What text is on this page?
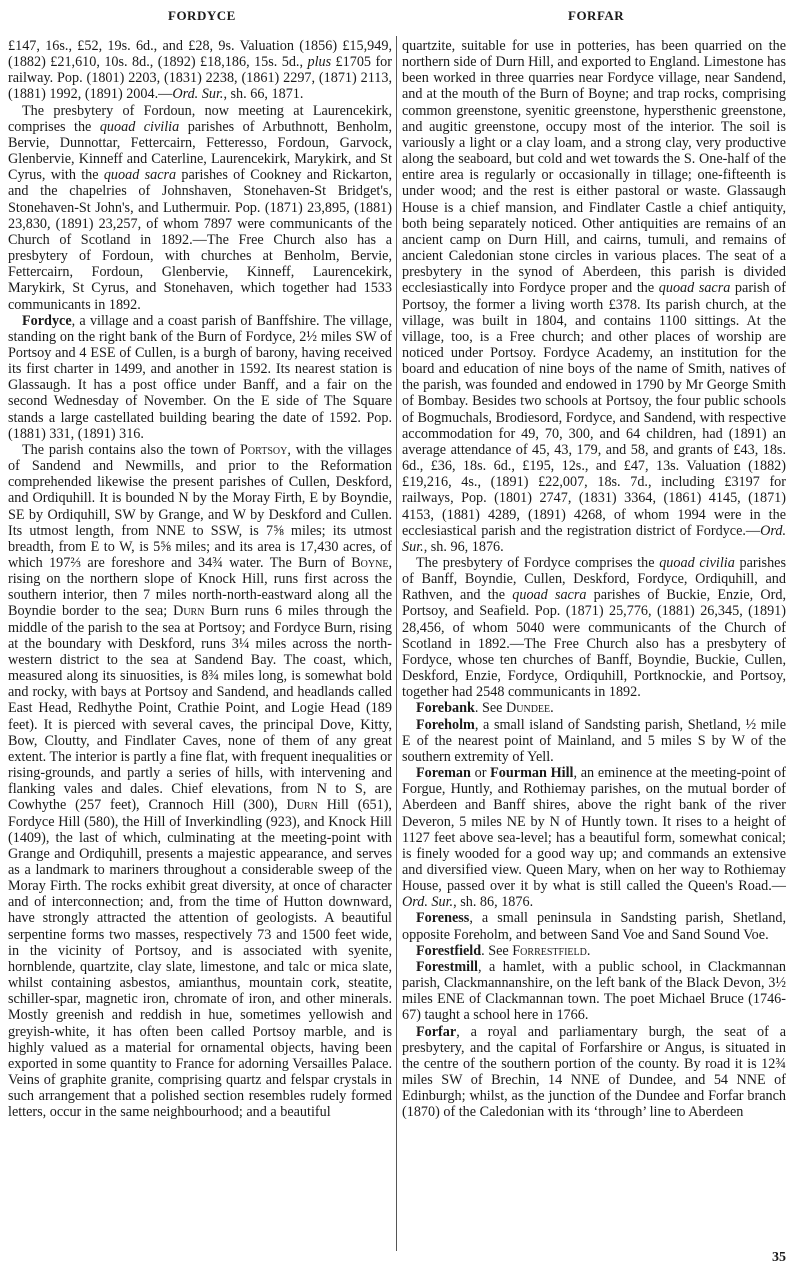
FORDYCE	FORFAR

£147, 16s., £52, 19s. 6d., and £28, 9s. Valuation (1856) £15,949, (1882) £21,610, 10s. 8d., (1892) £18,186, 15s. 5d., plus £1705 for railway. Pop. (1801) 2203, (1831) 2238, (1861) 2297, (1871) 2113, (1881) 1992, (1891) 2004.—Ord. Sur., sh. 66, 1871.

The presbytery of Fordoun, now meeting at Laurencekirk, comprises the quoad civilia parishes of Arbuthnott, Benholm, Bervie, Dunnottar, Fettercairn, Fetteresso, Fordoun, Garvock, Glenbervie, Kinneff and Caterline, Laurencekirk, Marykirk, and St Cyrus, with the quoad sacra parishes of Cookney and Rickarton, and the chapelries of Johnshaven, Stonehaven-St Bridget's, Stonehaven-St John's, and Luthermuir. Pop. (1871) 23,895, (1881) 23,830, (1891) 23,257, of whom 7897 were communicants of the Church of Scotland in 1892.—The Free Church also has a presbytery of Fordoun, with churches at Benholm, Bervie, Fettercairn, Fordoun, Glenbervie, Kinneff, Laurencekirk, Marykirk, St Cyrus, and Stonehaven, which together had 1533 communicants in 1892.

Fordyce, a village and a coast parish of Banffshire. The village, standing on the right bank of the Burn of Fordyce, 2½ miles SW of Portsoy and 4 ESE of Cullen, is a burgh of barony, having received its first charter in 1499, and another in 1592. Its nearest station is Glassaugh. It has a post office under Banff, and a fair on the second Wednesday of November. On the E side of The Square stands a large castellated building bearing the date of 1592. Pop. (1881) 331, (1891) 316.

The parish contains also the town of Portsoy, with the villages of Sandend and Newmills, and prior to the Reformation comprehended likewise the present parishes of Cullen, Deskford, and Ordiquhill. It is bounded N by the Moray Firth, E by Boyndie, SE by Ordiquhill, SW by Grange, and W by Deskford and Cullen. Its utmost length, from NNE to SSW, is 7⅝ miles; its utmost breadth, from E to W, is 5⅝ miles; and its area is 17,430 acres, of which 197⅔ are foreshore and 34¾ water. The Burn of Boyne, rising on the northern slope of Knock Hill, runs first across the southern interior, then 7 miles north-north-eastward along all the Boyndie border to the sea; Durn Burn runs 6 miles through the middle of the parish to the sea at Portsoy; and Fordyce Burn, rising at the boundary with Deskford, runs 3¼ miles across the north-western district to the sea at Sandend Bay. The coast, which, measured along its sinuosities, is 8¾ miles long, is somewhat bold and rocky, with bays at Portsoy and Sandend, and headlands called East Head, Redhythe Point, Crathie Point, and Logie Head (189 feet). It is pierced with several caves, the principal Dove, Kitty, Bow, Cloutty, and Findlater Caves, none of them of any great extent. The interior is partly a fine flat, with frequent inequalities or rising-grounds, and partly a series of hills, with intervening and flanking vales and dales. Chief elevations, from N to S, are Cowhythe (257 feet), Crannoch Hill (300), Durn Hill (651), Fordyce Hill (580), the Hill of Inverkindling (923), and Knock Hill (1409), the last of which, culminating at the meeting-point with Grange and Ordiquhill, presents a majestic appearance, and serves as a landmark to mariners throughout a considerable sweep of the Moray Firth. The rocks exhibit great diversity, at once of character and of interconnection; and, from the time of Hutton downward, have strongly attracted the attention of geologists. A beautiful serpentine forms two masses, respectively 73 and 1500 feet wide, in the vicinity of Portsoy, and is associated with syenite, hornblende, quartzite, clay slate, limestone, and talc or mica slate, whilst containing asbestos, amianthus, mountain cork, steatite, schiller-spar, magnetic iron, chromate of iron, and other minerals. Mostly greenish and reddish in hue, sometimes yellowish and greyish-white, it has often been called Portsoy marble, and is highly valued as a material for ornamental objects, having been exported in some quantity to France for adorning Versailles Palace. Veins of graphite granite, comprising quartz and felspar crystals in such arrangement that a polished section resembles rudely formed letters, occur in the same neighbourhood; and a beautiful

quartzite, suitable for use in potteries, has been quarried on the northern side of Durn Hill, and exported to England. Limestone has been worked in three quarries near Fordyce village, near Sandend, and at the mouth of the Burn of Boyne; and trap rocks, comprising common greenstone, syenitic greenstone, hypersthenic greenstone, and augitic greenstone, occupy most of the interior. The soil is variously a light or a clay loam, and a strong clay, very productive along the seaboard, but cold and wet towards the S. One-half of the entire area is regularly or occasionally in tillage; one-fifteenth is under wood; and the rest is either pastoral or waste. Glassaugh House is a chief mansion, and Findlater Castle a chief antiquity, both being separately noticed. Other antiquities are remains of an ancient camp on Durn Hill, and cairns, tumuli, and remains of ancient Caledonian stone circles in various places. The seat of a presbytery in the synod of Aberdeen, this parish is divided ecclesiastically into Fordyce proper and the quoad sacra parish of Portsoy, the former a living worth £378. Its parish church, at the village, was built in 1804, and contains 1100 sittings. At the village, too, is a Free church; and other places of worship are noticed under Portsoy. Fordyce Academy, an institution for the board and education of nine boys of the name of Smith, natives of the parish, was founded and endowed in 1790 by Mr George Smith of Bombay. Besides two schools at Portsoy, the four public schools of Bogmuchals, Brodiesord, Fordyce, and Sandend, with respective accommodation for 49, 70, 300, and 64 children, had (1891) an average attendance of 45, 43, 179, and 58, and grants of £43, 18s. 6d., £36, 18s. 6d., £195, 12s., and £47, 13s. Valuation (1882) £19,216, 4s., (1891) £22,007, 18s. 7d., including £3197 for railways, Pop. (1801) 2747, (1831) 3364, (1861) 4145, (1871) 4153, (1881) 4289, (1891) 4268, of whom 1994 were in the ecclesiastical parish and the registration district of Fordyce.—Ord. Sur., sh. 96, 1876.

The presbytery of Fordyce comprises the quoad civilia parishes of Banff, Boyndie, Cullen, Deskford, Fordyce, Ordiquhill, and Rathven, and the quoad sacra parishes of Buckie, Enzie, Ord, Portsoy, and Seafield. Pop. (1871) 25,776, (1881) 26,345, (1891) 28,456, of whom 5040 were communicants of the Church of Scotland in 1892.—The Free Church also has a presbytery of Fordyce, whose ten churches of Banff, Boyndie, Buckie, Cullen, Deskford, Enzie, Fordyce, Ordiquhill, Portknockie, and Portsoy, together had 2548 communicants in 1892.

Forebank. See Dundee.

Foreholm, a small island of Sandsting parish, Shetland, ½ mile E of the nearest point of Mainland, and 5 miles S by W of the southern extremity of Yell.

Foreman or Fourman Hill, an eminence at the meeting-point of Forgue, Huntly, and Rothiemay parishes, on the mutual border of Aberdeen and Banff shires, above the right bank of the river Deveron, 5 miles NE by N of Huntly town. It rises to a height of 1127 feet above sea-level; has a beautiful form, somewhat conical; is finely wooded for a good way up; and commands an extensive and diversified view. Queen Mary, when on her way to Rothiemay House, passed over it by what is still called the Queen's Road.—Ord. Sur., sh. 86, 1876.

Foreness, a small peninsula in Sandsting parish, Shetland, opposite Foreholm, and between Sand Voe and Sand Sound Voe.

Forestfield. See Forrestfield.

Forestmill, a hamlet, with a public school, in Clackmannan parish, Clackmannanshire, on the left bank of the Black Devon, 3½ miles ENE of Clackmannan town. The poet Michael Bruce (1746-67) taught a school here in 1766.

Forfar, a royal and parliamentary burgh, the seat of a presbytery, and the capital of Forfarshire or Angus, is situated in the centre of the southern portion of the county. By road it is 12¾ miles SW of Brechin, 14 NNE of Dundee, and 54 NNE of Edinburgh; whilst, as the junction of the Dundee and Forfar branch (1870) of the Caledonian with its ‘through’ line to Aberdeen

35
